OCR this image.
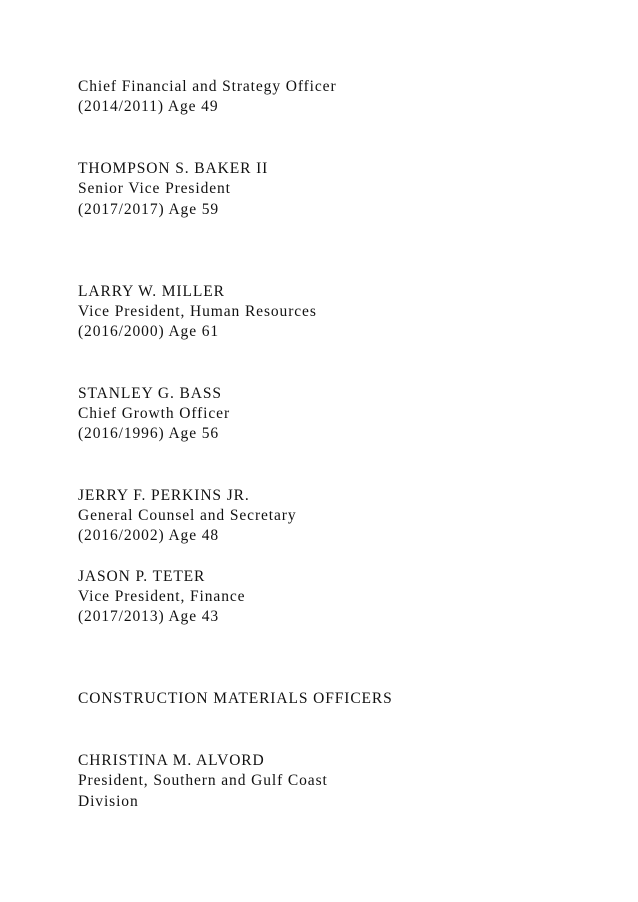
Chief Financial and Strategy Officer
(2014/2011) Age 49
THOMPSON S. BAKER II
Senior Vice President
(2017/2017) Age 59
LARRY W. MILLER
Vice President, Human Resources
(2016/2000) Age 61
STANLEY G. BASS
Chief Growth Officer
(2016/1996) Age 56
JERRY F. PERKINS JR.
General Counsel and Secretary
(2016/2002) Age 48
JASON P. TETER
Vice President, Finance
(2017/2013) Age 43
CONSTRUCTION MATERIALS OFFICERS
CHRISTINA M. ALVORD
President, Southern and Gulf Coast
Division
